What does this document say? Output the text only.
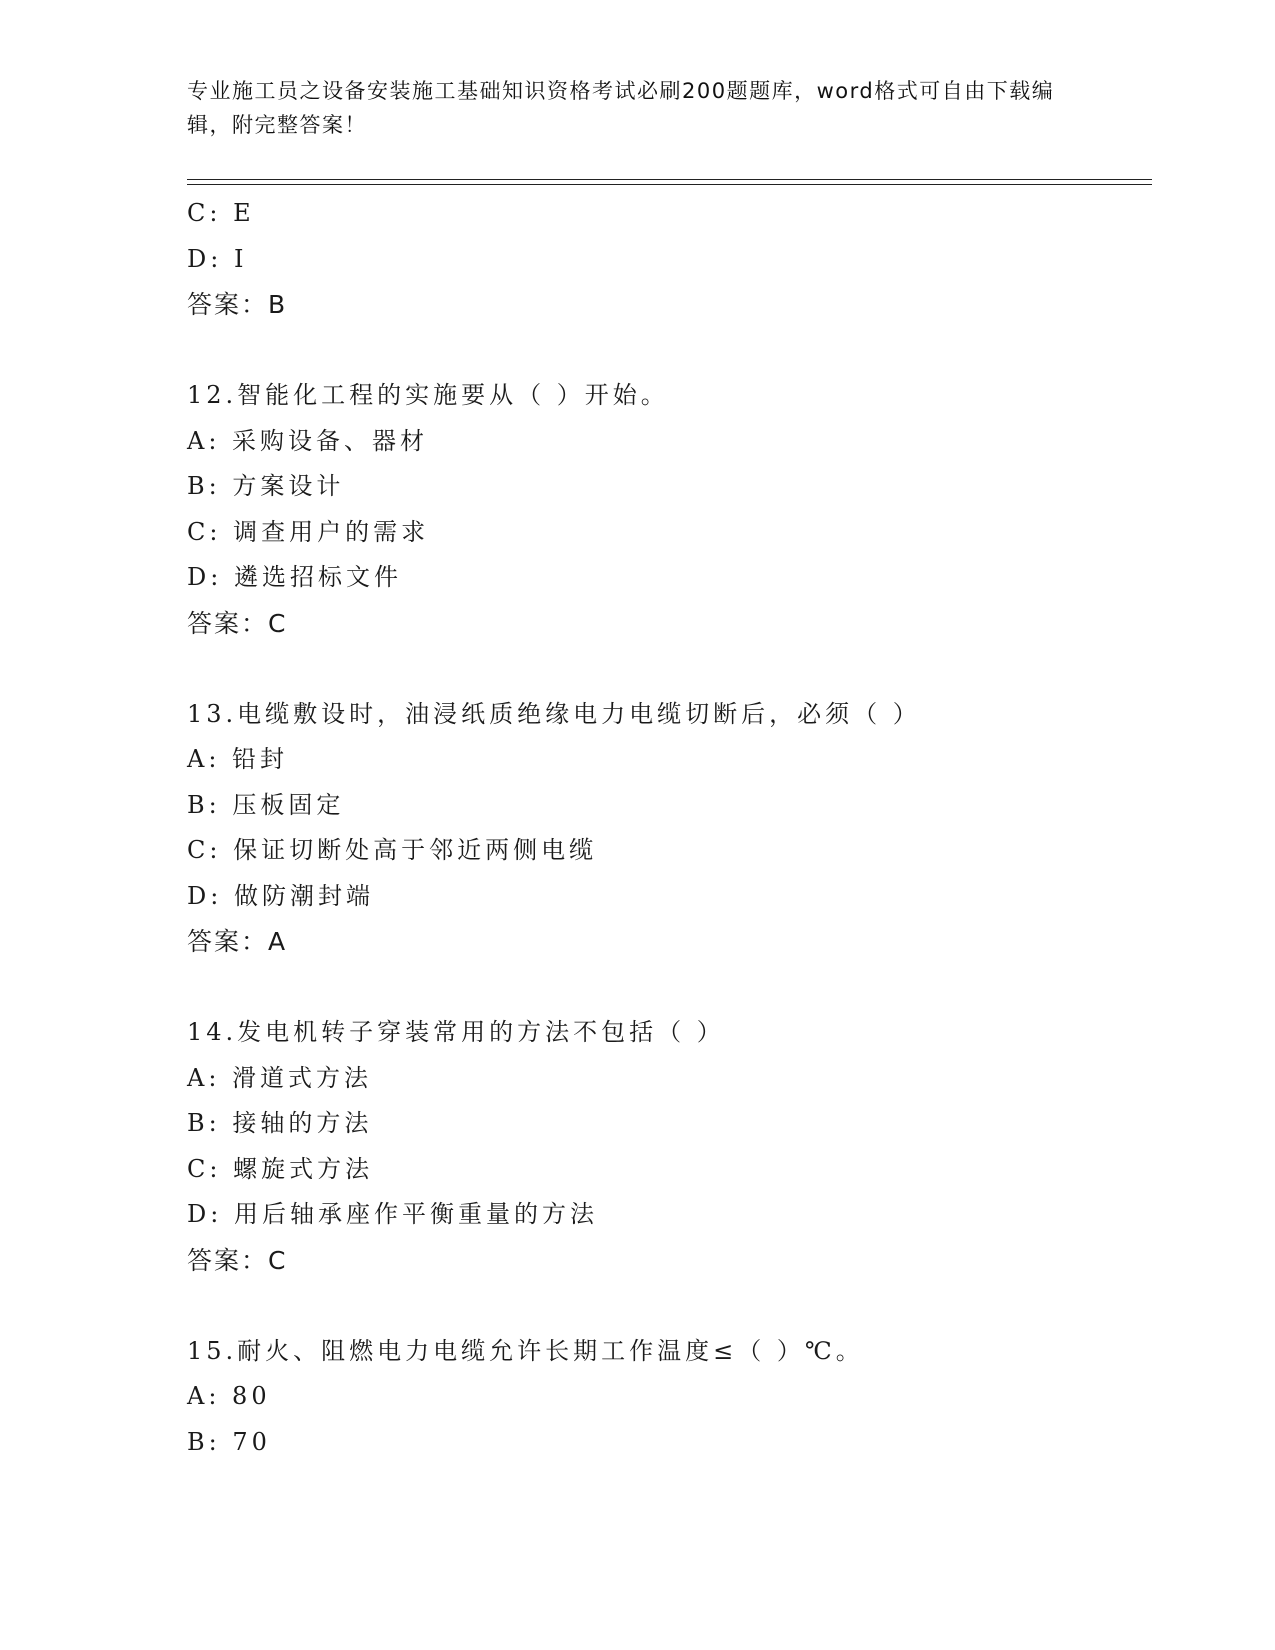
专业施工员之设备安装施工基础知识资格考试必刷200题题库，word格式可自由下载编辑，附完整答案！
C: E
D: I
答案：B
12.智能化工程的实施要从（ ）开始。
A: 采购设备、器材
B: 方案设计
C: 调查用户的需求
D: 遴选招标文件
答案：C
13.电缆敷设时，油浸纸质绝缘电力电缆切断后，必须（ ）
A: 铅封
B: 压板固定
C: 保证切断处高于邻近两侧电缆
D: 做防潮封端
答案：A
14.发电机转子穿装常用的方法不包括（ ）
A: 滑道式方法
B: 接轴的方法
C: 螺旋式方法
D: 用后轴承座作平衡重量的方法
答案：C
15.耐火、阻燃电力电缆允许长期工作温度≤（ ）℃。
A: 80
B: 70
